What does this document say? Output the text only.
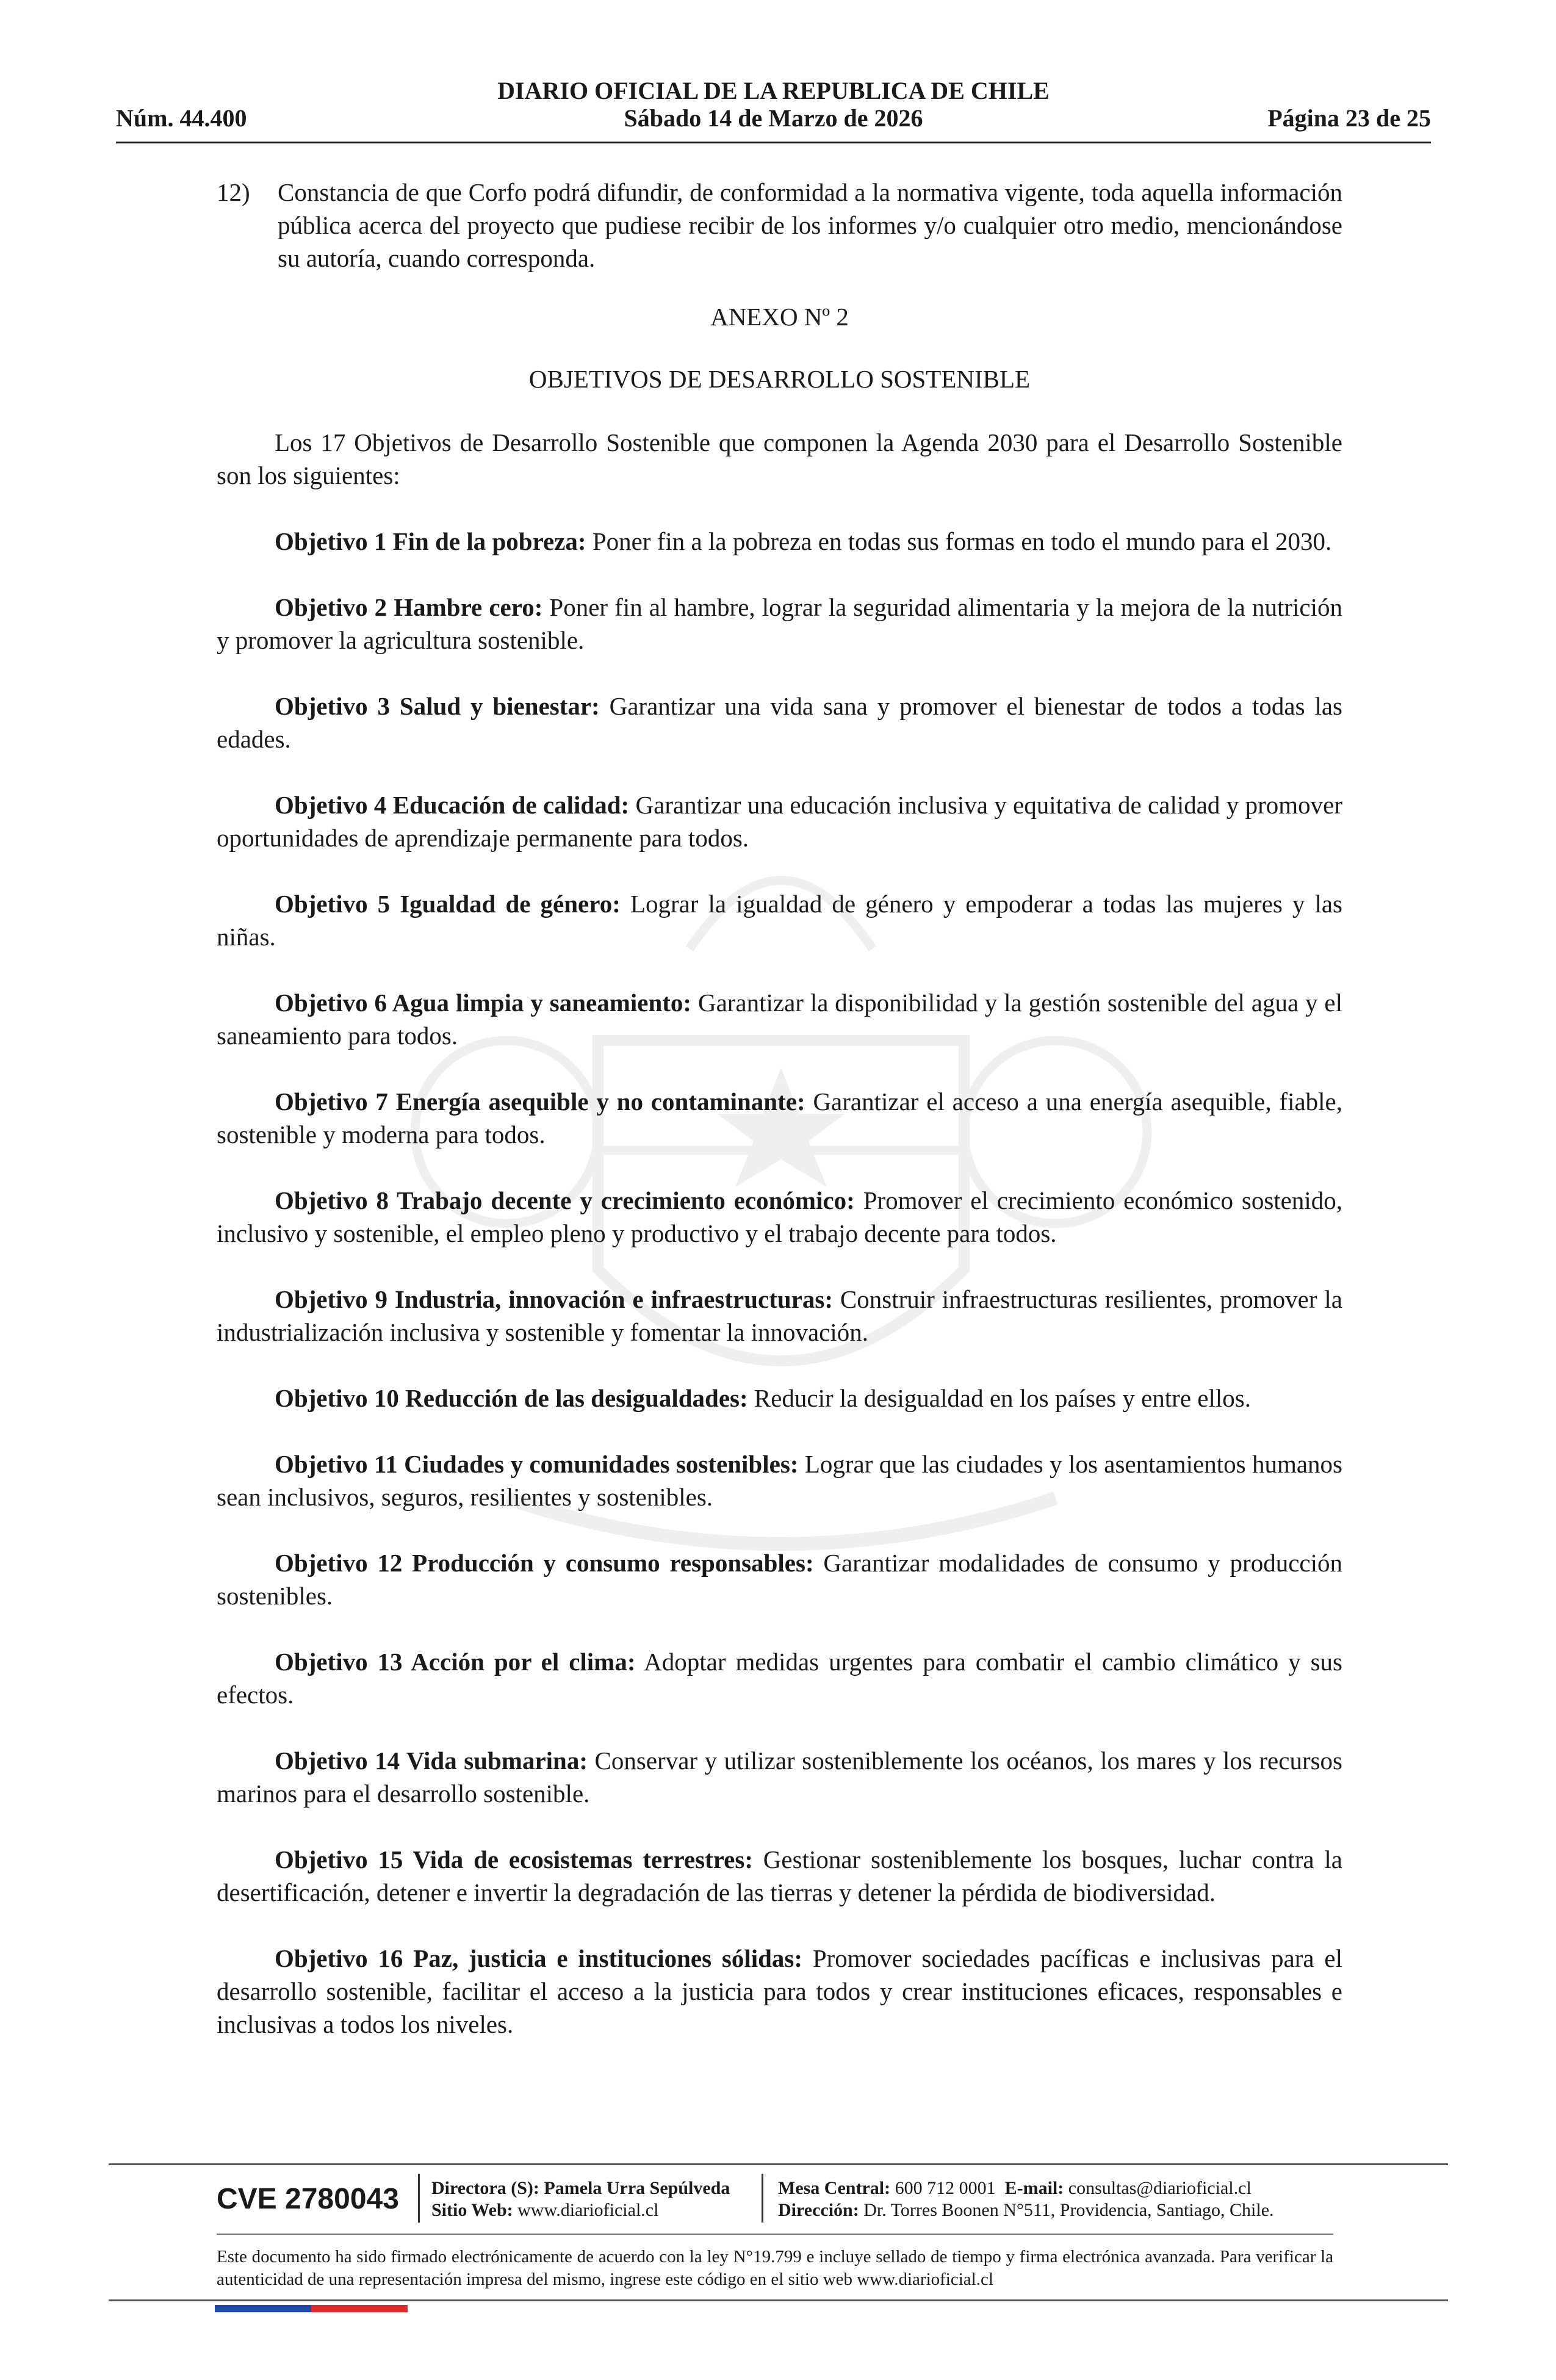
DIARIO OFICIAL DE LA REPUBLICA DE CHILE
Núm. 44.400	Sábado 14 de Marzo de 2026	Página 23 de 25
12)	Constancia de que Corfo podrá difundir, de conformidad a la normativa vigente, toda aquella información pública acerca del proyecto que pudiese recibir de los informes y/o cualquier otro medio, mencionándose su autoría, cuando corresponda.

ANEXO Nº 2

OBJETIVOS DE DESARROLLO SOSTENIBLE

Los 17 Objetivos de Desarrollo Sostenible que componen la Agenda 2030 para el Desarrollo Sostenible son los siguientes:

Objetivo 1 Fin de la pobreza: Poner fin a la pobreza en todas sus formas en todo el mundo para el 2030.

Objetivo 2 Hambre cero: Poner fin al hambre, lograr la seguridad alimentaria y la mejora de la nutrición y promover la agricultura sostenible.

Objetivo 3 Salud y bienestar: Garantizar una vida sana y promover el bienestar de todos a todas las edades.

Objetivo 4 Educación de calidad: Garantizar una educación inclusiva y equitativa de calidad y promover oportunidades de aprendizaje permanente para todos.

Objetivo 5 Igualdad de género: Lograr la igualdad de género y empoderar a todas las mujeres y las niñas.

Objetivo 6 Agua limpia y saneamiento: Garantizar la disponibilidad y la gestión sostenible del agua y el saneamiento para todos.

Objetivo 7 Energía asequible y no contaminante: Garantizar el acceso a una energía asequible, fiable, sostenible y moderna para todos.

Objetivo 8 Trabajo decente y crecimiento económico: Promover el crecimiento económico sostenido, inclusivo y sostenible, el empleo pleno y productivo y el trabajo decente para todos.

Objetivo 9 Industria, innovación e infraestructuras: Construir infraestructuras resilientes, promover la industrialización inclusiva y sostenible y fomentar la innovación.

Objetivo 10 Reducción de las desigualdades: Reducir la desigualdad en los países y entre ellos.

Objetivo 11 Ciudades y comunidades sostenibles: Lograr que las ciudades y los asentamientos humanos sean inclusivos, seguros, resilientes y sostenibles.

Objetivo 12 Producción y consumo responsables: Garantizar modalidades de consumo y producción sostenibles.

Objetivo 13 Acción por el clima: Adoptar medidas urgentes para combatir el cambio climático y sus efectos.

Objetivo 14 Vida submarina: Conservar y utilizar sosteniblemente los océanos, los mares y los recursos marinos para el desarrollo sostenible.

Objetivo 15 Vida de ecosistemas terrestres: Gestionar sosteniblemente los bosques, luchar contra la desertificación, detener e invertir la degradación de las tierras y detener la pérdida de biodiversidad.

Objetivo 16 Paz, justicia e instituciones sólidas: Promover sociedades pacíficas e inclusivas para el desarrollo sostenible, facilitar el acceso a la justicia para todos y crear instituciones eficaces, responsables e inclusivas a todos los niveles.

CVE 2780043 Directora (S): Pamela Urra Sepúlveda
Sitio Web: www.diarioficial.cl
Mesa Central: 600 712 0001 E-mail: consultas@diarioficial.cl
Dirección: Dr. Torres Boonen N°511, Providencia, Santiago, Chile.
Este documento ha sido firmado electrónicamente de acuerdo con la ley N°19.799 e incluye sellado de tiempo y firma electrónica avanzada. Para verificar la autenticidad de una representación impresa del mismo, ingrese este código en el sitio web www.diarioficial.cl
